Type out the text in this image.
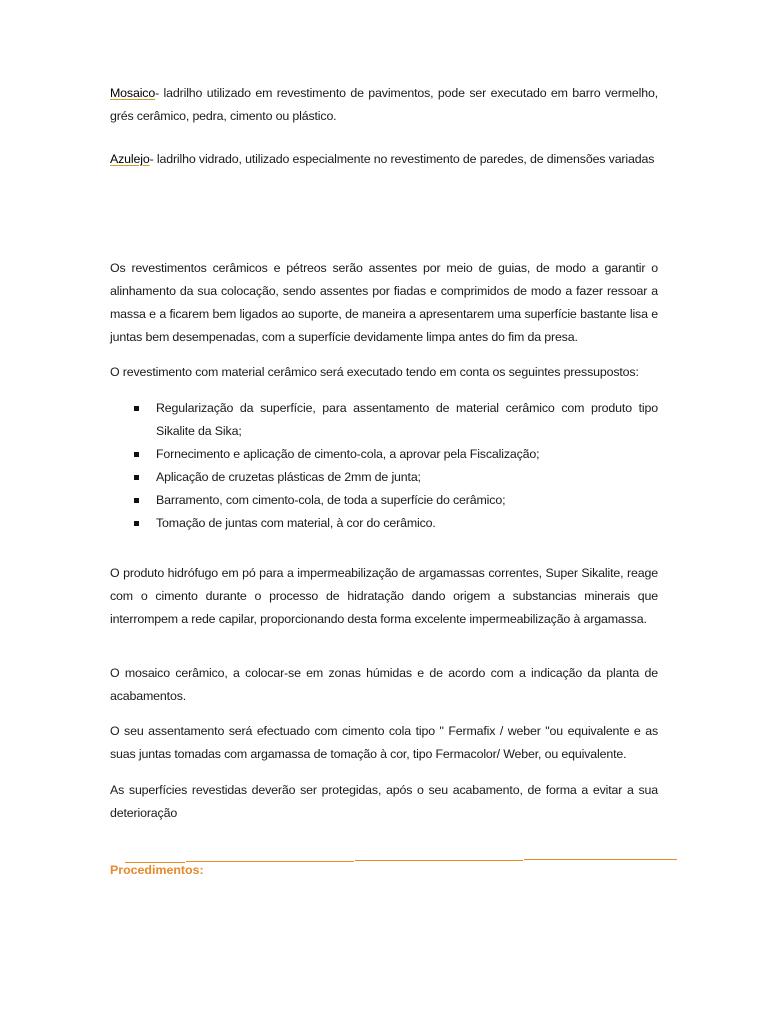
Mosaico- ladrilho utilizado em revestimento de pavimentos, pode ser executado em barro vermelho, grés cerâmico, pedra, cimento ou plástico.

Azulejo- ladrilho vidrado, utilizado especialmente no revestimento de paredes, de dimensões variadas

Os revestimentos cerâmicos e pétreos serão assentes por meio de guias, de modo a garantir o alinhamento da sua colocação, sendo assentes por fiadas e comprimidos de modo a fazer ressoar a massa e a ficarem bem ligados ao suporte, de maneira a apresentarem uma superfície bastante lisa e juntas bem desempenadas, com a superfície devidamente limpa antes do fim da presa.

O revestimento com material cerâmico será executado tendo em conta os seguintes pressupostos:

Regularização da superfície, para assentamento de material cerâmico com produto tipo Sikalite da Sika;
Fornecimento e aplicação de cimento-cola, a aprovar pela Fiscalização;
Aplicação de cruzetas plásticas de 2mm de junta;
Barramento, com cimento-cola, de toda a superfície do cerâmico;
Tomação de juntas com material, à cor do cerâmico.

O produto hidrófugo em pó para a impermeabilização de argamassas correntes, Super Sikalite, reage com o cimento durante o processo de hidratação dando origem a substancias minerais que interrompem a rede capilar, proporcionando desta forma excelente impermeabilização à argamassa.

O mosaico cerâmico, a colocar-se em zonas húmidas e de acordo com a indicação da planta de acabamentos.

O seu assentamento será efectuado com cimento cola tipo " Fermafix / weber "ou equivalente e as suas juntas tomadas com argamassa de tomação à cor, tipo Fermacolor/ Weber, ou equivalente.

As superfícies revestidas deverão ser protegidas, após o seu acabamento, de forma a evitar a sua deterioração

Procedimentos:
